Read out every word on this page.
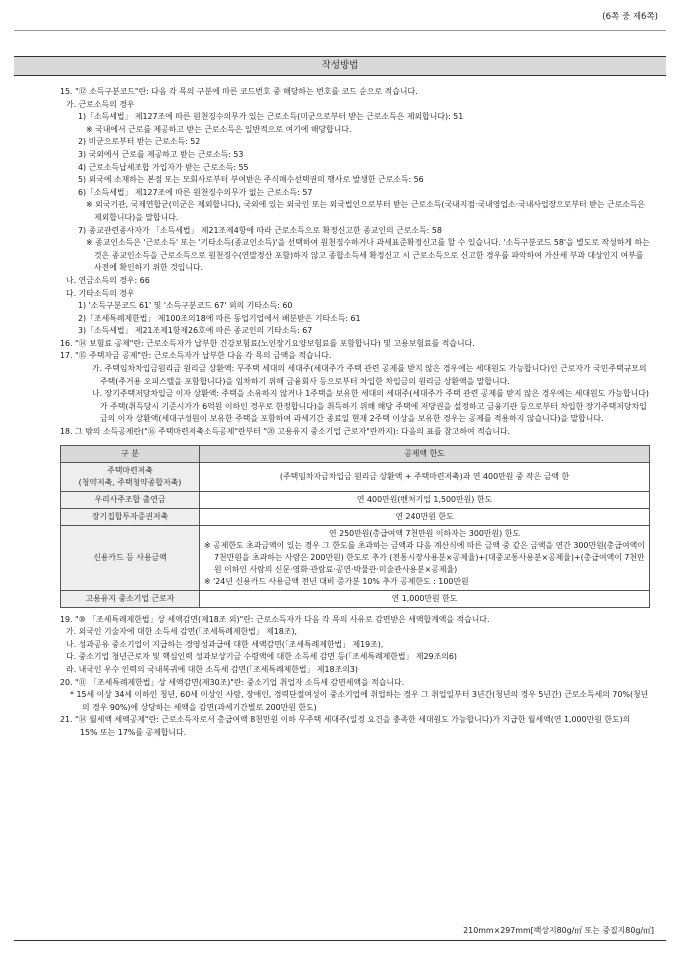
(6쪽 중 제6쪽)
작성방법
15. "⑫ 소득구분코드"란: 다음 각 목의 구분에 따른 코드번호 중 해당하는 번호를 코드 순으로 적습니다.
가. 근로소득의 경우
1)「소득세법」 제127조에 따른 원천징수의무가 있는 근로소득(미군으로부터 받는 근로소득은 제외합니다): 51
※ 국내에서 근로를 제공하고 받는 근로소득은 일반적으로 여기에 해당합니다.
2) 미군으로부터 받는 근로소득: 52
3) 국외에서 근로를 제공하고 받는 근로소득: 53
4) 근로소득납세조합 가입자가 받는 근로소득: 55
5) 외국에 소재하는 본점 또는 모회사로부터 부여받은 주식매수선택권의 행사로 발생한 근로소득: 56
6)「소득세법」 제127조에 따른 원천징수의무가 없는 근로소득: 57
※ 외국기관, 국제연합군(미군은 제외합니다), 국외에 있는 외국인 또는 외국법인으로부터 받는 근로소득(국내지점·국내영업소·국내사업장으로부터 받는 근로소득은 제외합니다)을 말합니다.
7) 종교관련종사자가 「소득세법」 제21조제4항에 따라 근로소득으로 확정신고한 종교인의 근로소득: 58
※ 종교인소득은 '근로소득' 또는 '기타소득(종교인소득)'을 선택하여 원천징수하거나 과세표준확정신고를 할 수 있습니다. '소득구분코드 58'을 별도로 작성하게 하는 것은 종교인소득을 근로소득으로 원천징수(연말정산 포함)하지 않고 종합소득세 확정신고 시 근로소득으로 신고한 경우를 파악하여 가산세 부과 대상인지 여부를 사전에 확인하기 위한 것입니다.
나. 연금소득의 경우: 66
다. 기타소득의 경우
1) '소득구분코드 61' 및 '소득구분코드 67' 외의 기타소득: 60
2)「조세특례제한법」 제100조의18에 따른 동업기업에서 배분받은 기타소득: 61
3)「소득세법」 제21조제1항제26호에 따른 종교인의 기타소득: 67
16. "⑭ 보험료 공제"란: 근로소득자가 납부한 건강보험료(노인장기요양보험료를 포함합니다) 및 고용보험료를 적습니다.
17. "⑮ 주택자금 공제"란: 근로소득자가 납부한 다음 각 목의 금액을 적습니다.
가. 주택임차차입금원리금 원리금 상환액: 무주택 세대의 세대주(세대주가 주택 관련 공제를 받지 않은 경우에는 세대원도 가능합니다)인 근로자가 국민주택규모의 주택(주거용 오피스텔을 포함합니다)을 임차하기 위해 금융회사 등으로부터 차입한 차입금의 원리금 상환액을 말합니다.
나. 장기주택저당차입금 이자 상환액: 주택을 소유하지 않거나 1주택을 보유한 세대의 세대주(세대주가 주택 관련 공제를 받지 않은 경우에는 세대원도 가능합니다)가 주택(취득당시 기준시가가 6억원 이하인 경우로 한정합니다)을 취득하기 위해 해당 주택에 저당권을 설정하고 금융기관 등으로부터 차입한 장기주택저당차입금의 이자 상환액(세대구성원이 보유한 주택을 포함하여 과세기간 종료일 현재 2주택 이상을 보유한 경우는 공제를 적용하지 않습니다)을 말합니다.
18. 그 밖의 소득공제란("⑯ 주택마련저축소득공제"란부터 "⑳ 고용유지 중소기업 근로자"란까지): 다음의 표를 참고하여 적습니다.
구 분	공제액 한도
주택마련저축
(청약저축, 주택청약종합저축)	(주택임차자금차입금 원리금 상환액 + 주택마련저축)과 연 400만원 중 작은 금액 한
우리사주조합 출연금	연 400만원(벤처기업 1,500만원) 한도
장기집합투자증권저축	연 240만원 한도
신용카드 등 사용금액	연 250만원(총급여액 7천만원 이하자는 300만원) 한도
※ 공제한도 초과금액이 있는 경우 그 한도를 초과하는 금액과 다음 계산식에 따른 금액 중 같은 금액을 연간 300만원(총급여액이 7천만원을 초과하는 사람은 200만원) 한도로 추가 (전통시장사용분×공제율)+(대중교통사용분×공제율)+(총급여액이 7천만원 이하인 사람의 신문·영화·관람료·공연·박물관·미술관사용분×공제율)
※ '24년 신용카드 사용금액 전년 대비 증가분 10% 추가 공제한도 : 100만원

고용유지 중소기업 근로자	연 1,000만원 한도
19. "⑩ 「조세특례제한법」상 세액감면(제18조 외)"란: 근로소득자가 다음 각 목의 사유로 감면받은 세액합계액을 적습니다.
가. 외국인 기술자에 대한 소득세 감면(「조세특례제한법」 제18조),
나. 성과공유 중소기업이 지급하는 경영성과급에 대한 세액감면(「조세특례제한법」 제19조),
다. 중소기업 청년근로자 및 핵심인력 성과보상기금 수령액에 대한 소득세 감면 등(「조세특례제한법」 제29조의6)
라. 내국인 우수 인력의 국내복귀에 대한 소득세 감면(「조세특례제한법」 제18조의3)
20. "⑪ 「조세특례제한법」상 세액감면(제30조)"란: 중소기업 취업자 소득세 감면세액을 적습니다.
* 15세 이상 34세 이하인 청년, 60세 이상인 사람, 장애인, 경력단절여성이 중소기업에 취업하는 경우 그 취업일부터 3년간(청년의 경우 5년간) 근로소득세의 70%(청년의 경우 90%)에 상당하는 세액을 감면(과세기간별로 200만원 한도)
21. "⑭ 월세액 세액공제"란: 근로소득자로서 총급여액 8천만원 이하 무주택 세대주(일정 요건을 충족한 세대원도 가능합니다)가 지급한 월세액(연 1,000만원 한도)의 15% 또는 17%를 공제합니다.
210mm×297mm[백상지80g/㎡ 또는 중질지80g/㎡]
